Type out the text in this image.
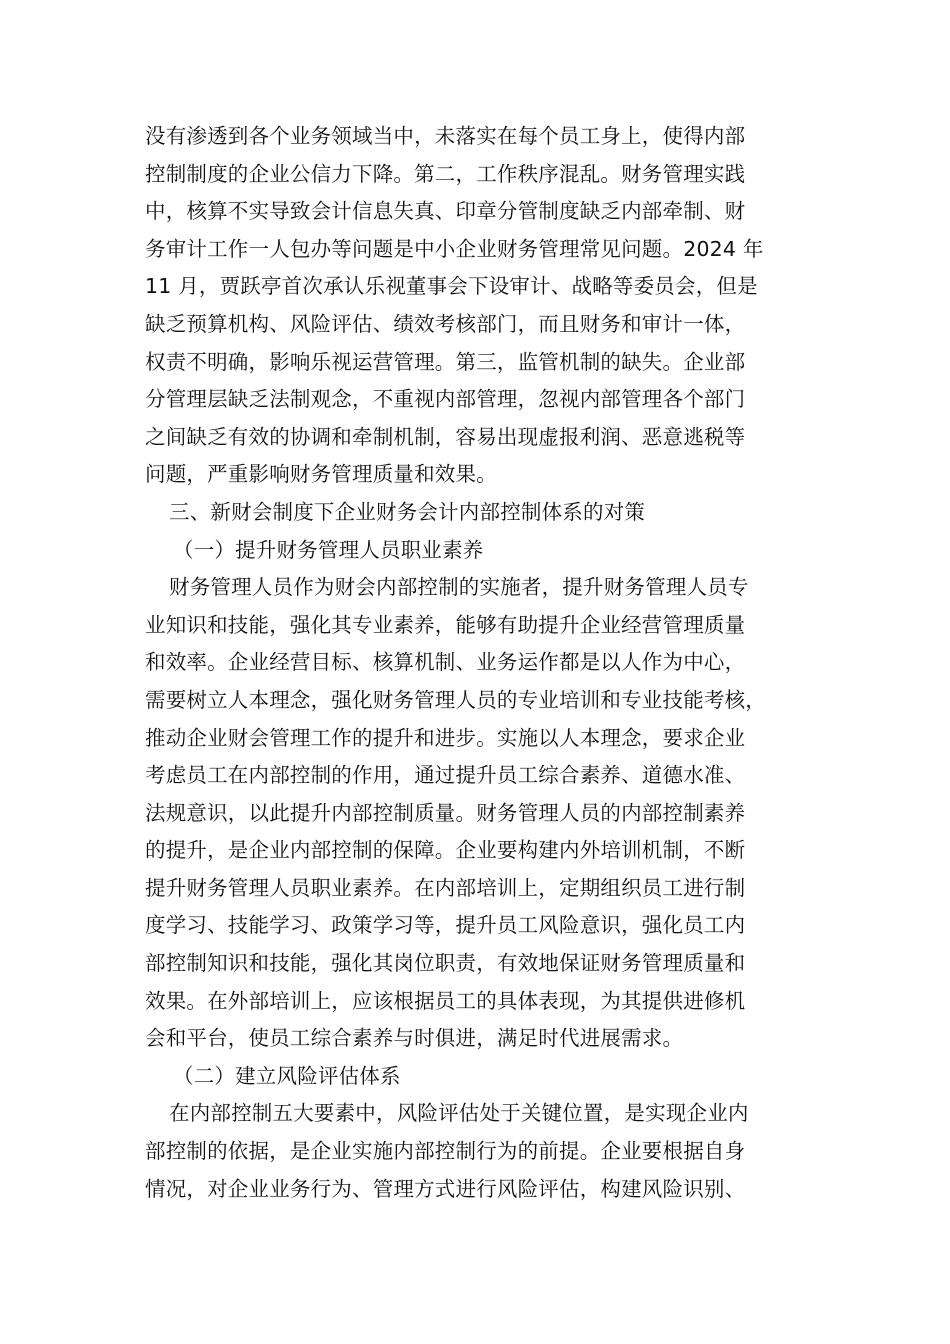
没有渗透到各个业务领域当中，未落实在每个员工身上，使得内部
控制制度的企业公信力下降。第二，工作秩序混乱。财务管理实践
中，核算不实导致会计信息失真、印章分管制度缺乏内部牵制、财
务审计工作一人包办等问题是中小企业财务管理常见问题。2024 年
11 月，贾跃亭首次承认乐视董事会下设审计、战略等委员会，但是
缺乏预算机构、风险评估、绩效考核部门，而且财务和审计一体，
权责不明确，影响乐视运营管理。第三，监管机制的缺失。企业部
分管理层缺乏法制观念，不重视内部管理，忽视内部管理各个部门
之间缺乏有效的协调和牵制机制，容易出现虚报利润、恶意逃税等
问题，严重影响财务管理质量和效果。
三、新财会制度下企业财务会计内部控制体系的对策
（一）提升财务管理人员职业素养
财务管理人员作为财会内部控制的实施者，提升财务管理人员专
业知识和技能，强化其专业素养，能够有助提升企业经营管理质量
和效率。企业经营目标、核算机制、业务运作都是以人作为中心，
需要树立人本理念，强化财务管理人员的专业培训和专业技能考核，
推动企业财会管理工作的提升和进步。实施以人本理念，要求企业
考虑员工在内部控制的作用，通过提升员工综合素养、道德水准、
法规意识，以此提升内部控制质量。财务管理人员的内部控制素养
的提升，是企业内部控制的保障。企业要构建内外培训机制，不断
提升财务管理人员职业素养。在内部培训上，定期组织员工进行制
度学习、技能学习、政策学习等，提升员工风险意识，强化员工内
部控制知识和技能，强化其岗位职责，有效地保证财务管理质量和
效果。在外部培训上，应该根据员工的具体表现，为其提供进修机
会和平台，使员工综合素养与时俱进，满足时代进展需求。
（二）建立风险评估体系
在内部控制五大要素中，风险评估处于关键位置，是实现企业内
部控制的依据，是企业实施内部控制行为的前提。企业要根据自身
情况，对企业业务行为、管理方式进行风险评估，构建风险识别、
